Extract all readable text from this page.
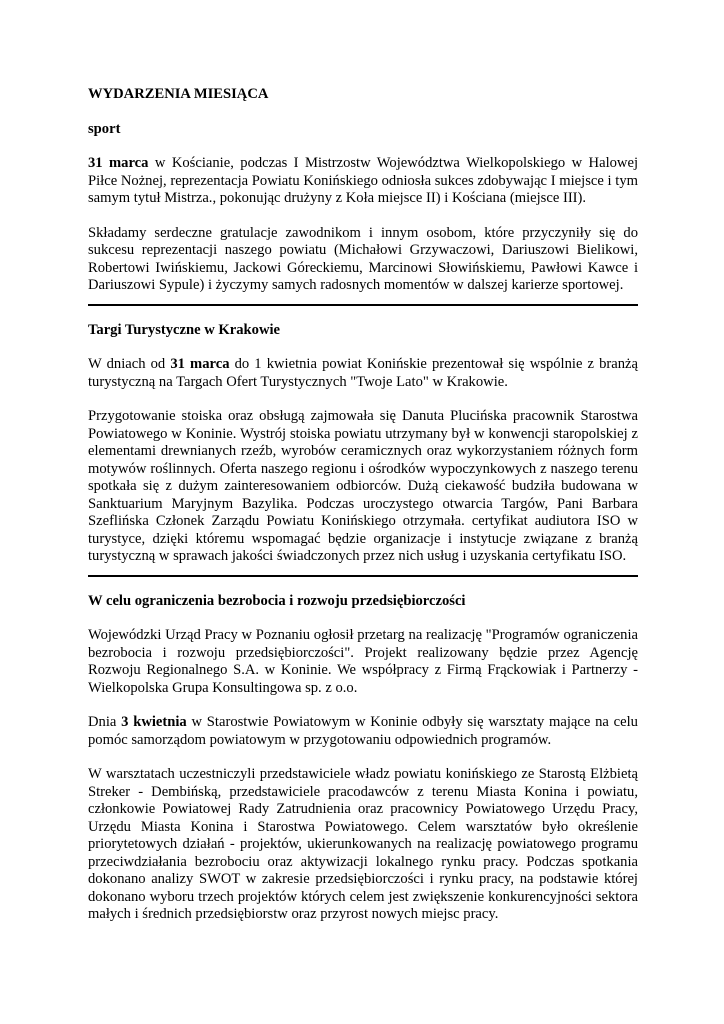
WYDARZENIA MIESIĄCA

sport

31 marca w Kościanie, podczas I Mistrzostw Województwa Wielkopolskiego w Halowej Piłce Nożnej, reprezentacja Powiatu Konińskiego odniosła sukces zdobywając I miejsce i tym samym tytuł Mistrza., pokonując drużyny z Koła miejsce II) i Kościana (miejsce III).

Składamy serdeczne gratulacje zawodnikom i innym osobom, które przyczyniły się do sukcesu reprezentacji naszego powiatu (Michałowi Grzywaczowi, Dariuszowi Bielikowi, Robertowi Iwińskiemu, Jackowi Góreckiemu, Marcinowi Słowińskiemu, Pawłowi Kawce i Dariuszowi Sypule) i życzymy samych radosnych momentów w dalszej karierze sportowej.

Targi Turystyczne w Krakowie

W dniach od 31 marca do 1 kwietnia powiat Konińskie prezentował się wspólnie z branżą turystyczną na Targach Ofert Turystycznych "Twoje Lato" w Krakowie.

Przygotowanie stoiska oraz obsługą zajmowała się Danuta Plucińska pracownik Starostwa Powiatowego w Koninie. Wystrój stoiska powiatu utrzymany był w konwencji staropolskiej z elementami drewnianych rzeźb, wyrobów ceramicznych oraz wykorzystaniem różnych form motywów roślinnych. Oferta naszego regionu i ośrodków wypoczynkowych z naszego terenu spotkała się z dużym zainteresowaniem odbiorców. Dużą ciekawość budziła budowana w Sanktuarium Maryjnym Bazylika. Podczas uroczystego otwarcia Targów, Pani Barbara Szeflińska Członek Zarządu Powiatu Konińskiego otrzymała. certyfikat audiutora ISO w turystyce, dzięki któremu wspomagać będzie organizacje i instytucje związane z branżą turystyczną w sprawach jakości świadczonych przez nich usług i uzyskania certyfikatu ISO.

W celu ograniczenia bezrobocia i rozwoju przedsiębiorczości

Wojewódzki Urząd Pracy w Poznaniu ogłosił przetarg na realizację "Programów ograniczenia bezrobocia i rozwoju przedsiębiorczości". Projekt realizowany będzie przez Agencję Rozwoju Regionalnego S.A. w Koninie. We współpracy z Firmą Frąckowiak i Partnerzy - Wielkopolska Grupa Konsultingowa sp. z o.o.

Dnia 3 kwietnia w Starostwie Powiatowym w Koninie odbyły się warsztaty mające na celu pomóc samorządom powiatowym w przygotowaniu odpowiednich programów.

W warsztatach uczestniczyli przedstawiciele władz powiatu konińskiego ze Starostą Elżbietą Streker - Dembińską, przedstawiciele pracodawców z terenu Miasta Konina i powiatu, członkowie Powiatowej Rady Zatrudnienia oraz pracownicy Powiatowego Urzędu Pracy, Urzędu Miasta Konina i Starostwa Powiatowego. Celem warsztatów było określenie priorytetowych działań - projektów, ukierunkowanych na realizację powiatowego programu przeciwdziałania bezrobociu oraz aktywizacji lokalnego rynku pracy. Podczas spotkania dokonano analizy SWOT w zakresie przedsiębiorczości i rynku pracy, na podstawie której dokonano wyboru trzech projektów których celem jest zwiększenie konkurencyjności sektora małych i średnich przedsiębiorstw oraz przyrost nowych miejsc pracy.
